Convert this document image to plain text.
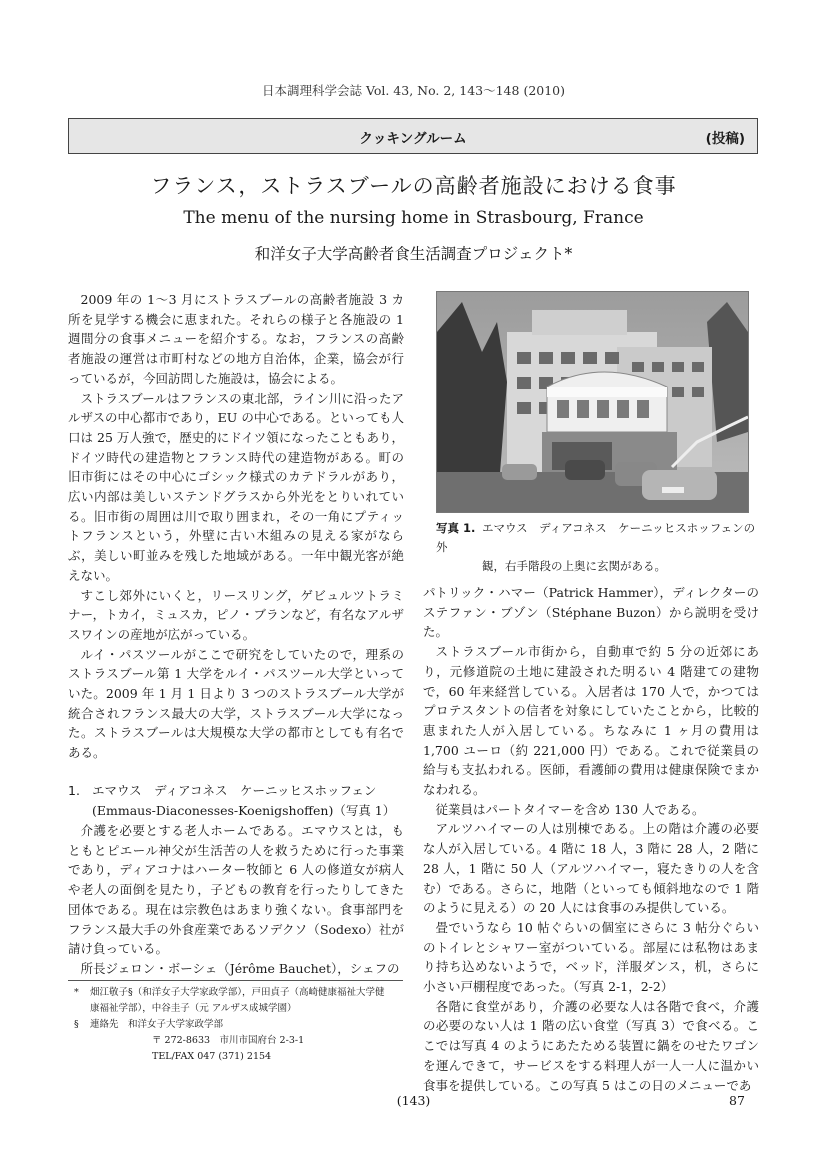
日本調理科学会誌 Vol. 43, No. 2, 143～148 (2010)
クッキングルーム	(投稿)
フランス，ストラスブールの高齢者施設における食事
The menu of the nursing home in Strasbourg, France
和洋女子大学高齢者食生活調査プロジェクト*

2009 年の 1～3 月にストラスブールの高齢者施設 3 カ所を見学する機会に恵まれた。それらの様子と各施設の 1 週間分の食事メニューを紹介する。なお，フランスの高齢者施設の運営は市町村などの地方自治体，企業，協会が行っているが，今回訪問した施設は，協会による。

ストラスブールはフランスの東北部，ライン川に沿ったアルザスの中心都市であり，EU の中心である。といっても人口は 25 万人強で，歴史的にドイツ領になったこともあり，ドイツ時代の建造物とフランス時代の建造物がある。町の旧市街にはその中心にゴシック様式のカテドラルがあり，広い内部は美しいステンドグラスから外光をとりいれている。旧市街の周囲は川で取り囲まれ，その一角にプティットフランスという，外壁に古い木組みの見える家がならぶ，美しい町並みを残した地域がある。一年中観光客が絶えない。

すこし郊外にいくと，リースリング，ゲビュルツトラミナー，トカイ，ミュスカ，ピノ・ブランなど，有名なアルザスワインの産地が広がっている。

ルイ・パスツールがここで研究をしていたので，理系のストラスブール第 1 大学をルイ・パスツール大学といっていた。2009 年 1 月 1 日より 3 つのストラスブール大学が統合されフランス最大の大学，ストラスブール大学になった。ストラスブールは大規模な大学の都市としても有名である。

1. エマウス　ディアコネス　ケーニッヒスホッフェン
(Emmaus-Diaconesses-Koenigshoffen)（写真 1）

介護を必要とする老人ホームである。エマウスとは，もともとピエール神父が生活苦の人を救うために行った事業であり，ディアコナはハーター牧師と 6 人の修道女が病人や老人の面倒を見たり，子どもの教育を行ったりしてきた団体である。現在は宗教色はあまり強くない。食事部門をフランス最大手の外食産業であるソデクソ（Sodexo）社が請け負っている。

所長ジェロン・ボーシェ（Jérôme Bauchet），シェフの

写真 1. エマウス　ディアコネス　ケーニッヒスホッフェンの外
観，右手階段の上奥に玄関がある。

パトリック・ハマー（Patrick Hammer），ディレクターのステファン・ブゾン（Stéphane Buzon）から説明を受けた。

ストラスブール市街から，自動車で約 5 分の近郊にあり，元修道院の土地に建設された明るい 4 階建ての建物で，60 年来経営している。入居者は 170 人で，かつてはプロテスタントの信者を対象にしていたことから，比較的恵まれた人が入居している。ちなみに 1 ヶ月の費用は 1,700 ユーロ（約 221,000 円）である。これで従業員の給与も支払われる。医師，看護師の費用は健康保険でまかなわれる。

従業員はパートタイマーを含め 130 人である。

アルツハイマーの人は別棟である。上の階は介護の必要な人が入居している。4 階に 18 人，3 階に 28 人，2 階に 28 人，1 階に 50 人（アルツハイマー，寝たきりの人を含む）である。さらに，地階（といっても傾斜地なので 1 階のように見える）の 20 人には食事のみ提供している。

畳でいうなら 10 帖ぐらいの個室にさらに 3 帖分ぐらいのトイレとシャワー室がついている。部屋には私物はあまり持ち込めないようで，ベッド，洋服ダンス，机，さらに小さい戸棚程度であった。（写真 2-1，2-2）

各階に食堂があり，介護の必要な人は各階で食べ，介護の必要のない人は 1 階の広い食堂（写真 3）で食べる。ここでは写真 4 のようにあたためる装置に鍋をのせたワゴンを運んできて，サービスをする料理人が一人一人に温かい食事を提供している。この写真 5 はこの日のメニューであ

* 畑江敬子§（和洋女子大学家政学部），戸田貞子（高崎健康福祉大学健
康福祉学部），中谷圭子（元 アルザス成城学園）
§ 連絡先　和洋女子大学家政学部
〒 272-8633　市川市国府台 2-3-1
TEL/FAX 047 (371) 2154
(143)	87
